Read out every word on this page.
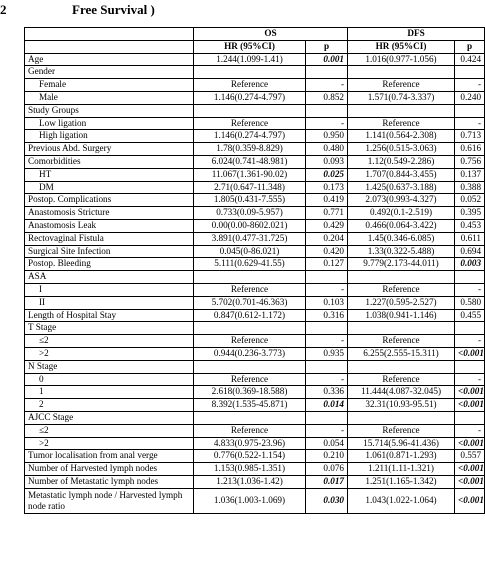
2	Free Survival )
	OS		DFS	
	HR (95%CI)	p	HR (95%CI)	p
Age	1.244(1.099-1.41)	0.001	1.016(0.977-1.056)	0.424
Gender				
Female	Reference	-	Reference	-
Male	1.146(0.274-4.797)	0.852	1.571(0.74-3.337)	0.240
Study Groups				
Low ligation	Reference	-	Reference	-
High ligation	1.146(0.274-4.797)	0.950	1.141(0.564-2.308)	0.713
Previous Abd. Surgery	1.78(0.359-8.829)	0.480	1.256(0.515-3.063)	0.616
Comorbidities	6.024(0.741-48.981)	0.093	1.12(0.549-2.286)	0.756
HT	11.067(1.361-90.02)	0.025	1.707(0.844-3.455)	0.137
DM	2.71(0.647-11.348)	0.173	1.425(0.637-3.188)	0.388
Postop. Complications	1.805(0.431-7.555)	0.419	2.073(0.993-4.327)	0.052
Anastomosis Stricture	0.733(0.09-5.957)	0.771	0.492(0.1-2.519)	0.395
Anastomosis Leak	0.00(0.00-8602.021)	0.429	0.466(0.064-3.422)	0.453
Rectovaginal Fistula	3.891(0.477-31.725)	0.204	1.45(0.346-6.085)	0.611
Surgical Site Infection	0.045(0-86.021)	0.420	1.33(0.322-5.488)	0.694
Postop. Bleeding	5.111(0.629-41.55)	0.127	9.779(2.173-44.011)	0.003
ASA				
I	Reference	-	Reference	-
II	5.702(0.701-46.363)	0.103	1.227(0.595-2.527)	0.580
Length of Hospital Stay	0.847(0.612-1.172)	0.316	1.038(0.941-1.146)	0.455
T Stage				
≤2	Reference	-	Reference	-
>2	0.944(0.236-3.773)	0.935	6.255(2.555-15.311)	<0.001
N Stage				
0	Reference	-	Reference	-
1	2.618(0.369-18.588)	0.336	11.444(4.087-32.045)	<0.001
2	8.392(1.535-45.871)	0.014	32.31(10.93-95.51)	<0.001
AJCC Stage				
≤2	Reference	-	Reference	-
>2	4.833(0.975-23.96)	0.054	15.714(5.96-41.436)	<0.001
Tumor localisation from anal verge	0.776(0.522-1.154)	0.210	1.061(0.871-1.293)	0.557
Number of Harvested lymph nodes	1.153(0.985-1.351)	0.076	1.211(1.11-1.321)	<0.001
Number of Metastatic lymph nodes	1.213(1.036-1.42)	0.017	1.251(1.165-1.342)	<0.001
Metastatic lymph node / Harvested lymph node ratio	1.036(1.003-1.069)	0.030	1.043(1.022-1.064)	<0.001
